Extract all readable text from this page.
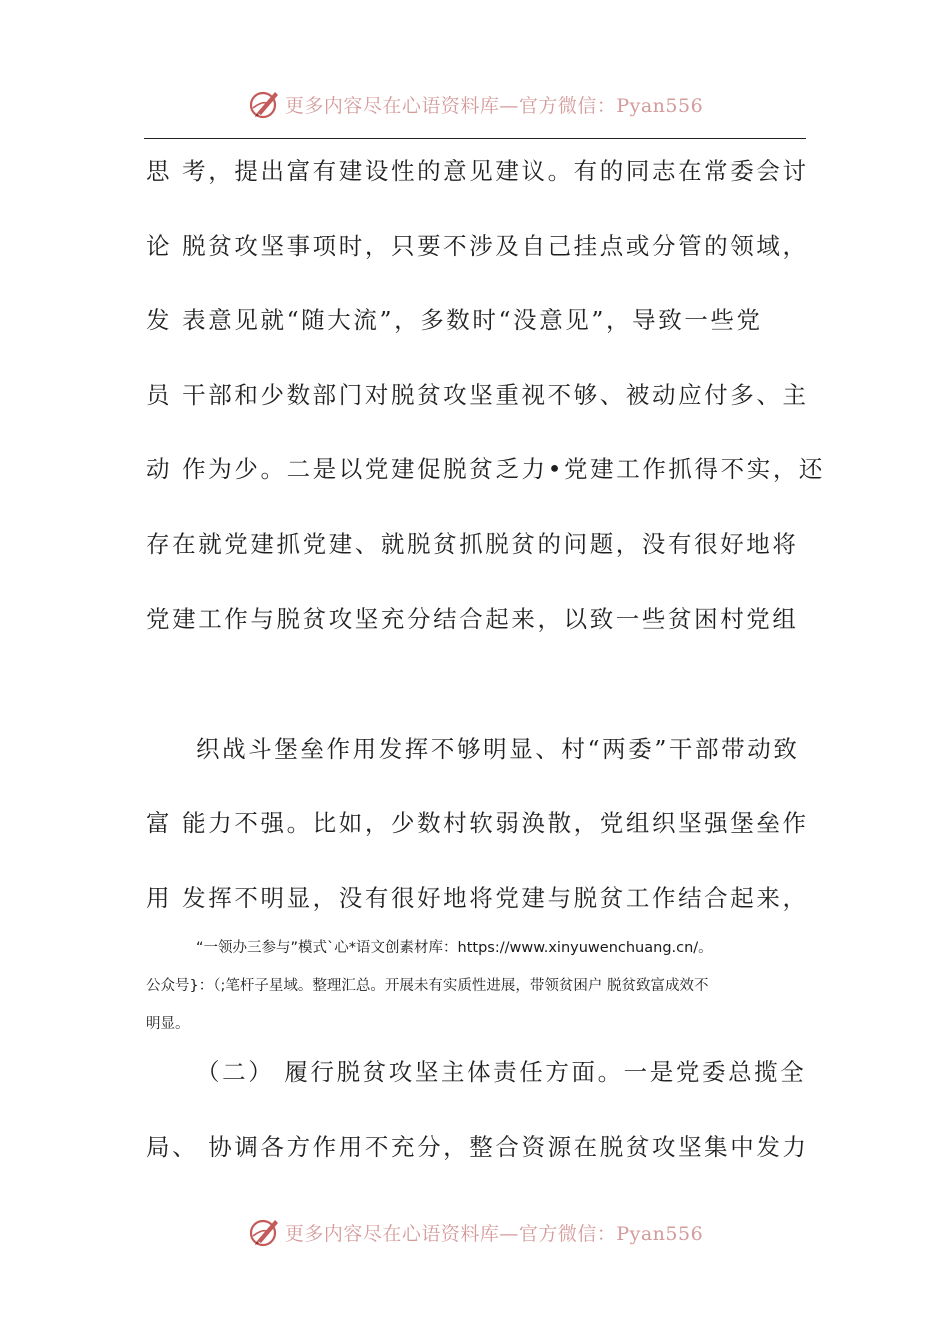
更多内容尽在心语资料库—官方微信：Pyan556
思 考，提出富有建设性的意见建议。有的同志在常委会讨
论 脱贫攻坚事项时，只要不涉及自己挂点或分管的领域，
发 表意见就“随大流”，多数时“没意见”，导致一些党
员 干部和少数部门对脱贫攻坚重视不够、被动应付多、主
动 作为少。二是以党建促脱贫乏力•党建工作抓得不实，还
存在就党建抓党建、就脱贫抓脱贫的问题，没有很好地将
党建工作与脱贫攻坚充分结合起来，以致一些贫困村党组
织战斗堡垒作用发挥不够明显、村“两委”干部带动致
富 能力不强。比如，少数村软弱涣散，党组织坚强堡垒作
用 发挥不明显，没有很好地将党建与脱贫工作结合起来，
“一领办三参与”模式`心*语文创素材库：https://www.xinyuwenchuang.cn/。
公众号}：（;笔杆子星域。整理汇总。开展未有实质性进展，带领贫困户 脱贫致富成效不
明显。
（二） 履行脱贫攻坚主体责任方面。一是党委总揽全
局、 协调各方作用不充分，整合资源在脱贫攻坚集中发力
更多内容尽在心语资料库—官方微信：Pyan556
